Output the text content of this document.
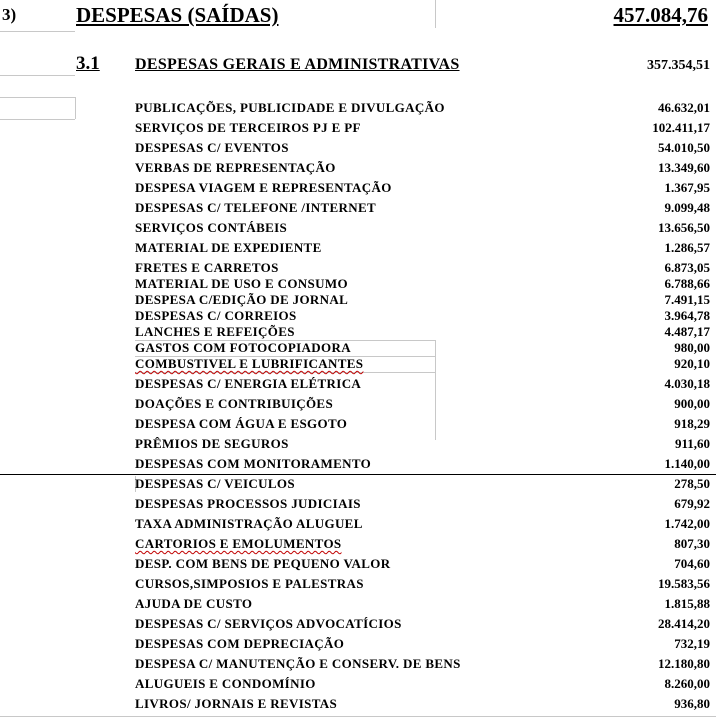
3)	DESPESAS (SAÍDAS)	457.084,76
3.1 DESPESAS GERAIS E ADMINISTRATIVAS	357.354,51
PUBLICAÇÕES, PUBLICIDADE E DIVULGAÇÃO	46.632,01
SERVIÇOS DE TERCEIROS PJ E PF	102.411,17
DESPESAS C/ EVENTOS	54.010,50
VERBAS DE REPRESENTAÇÃO	13.349,60
DESPESA VIAGEM E REPRESENTAÇÃO	1.367,95
DESPESAS C/ TELEFONE /INTERNET	9.099,48
SERVIÇOS CONTÁBEIS	13.656,50
MATERIAL DE EXPEDIENTE	1.286,57
FRETES E CARRETOS	6.873,05
MATERIAL DE USO E CONSUMO	6.788,66
DESPESA C/EDIÇÃO DE JORNAL	7.491,15
DESPESAS C/ CORREIOS	3.964,78
LANCHES E REFEIÇÕES	4.487,17
GASTOS COM FOTOCOPIADORA	980,00
COMBUSTIVEL E LUBRIFICANTES	920,10
DESPESAS C/ ENERGIA ELÉTRICA	4.030,18
DOAÇÕES E CONTRIBUIÇÕES	900,00
DESPESA COM ÁGUA E ESGOTO	918,29
PRÊMIOS DE SEGUROS	911,60
DESPESAS COM MONITORAMENTO	1.140,00
DESPESAS C/ VEICULOS	278,50
DESPESAS PROCESSOS JUDICIAIS	679,92
TAXA ADMINISTRAÇÃO ALUGUEL	1.742,00
CARTORIOS E EMOLUMENTOS	807,30
DESP. COM BENS DE PEQUENO VALOR	704,60
CURSOS,SIMPOSIOS E PALESTRAS	19.583,56
AJUDA DE CUSTO	1.815,88
DESPESAS C/ SERVIÇOS ADVOCATÍCIOS	28.414,20
DESPESAS COM DEPRECIAÇÃO	732,19
DESPESA C/ MANUTENÇÃO E CONSERV. DE BENS	12.180,80
ALUGUEIS E CONDOMÍNIO	8.260,00
LIVROS/ JORNAIS E REVISTAS	936,80
